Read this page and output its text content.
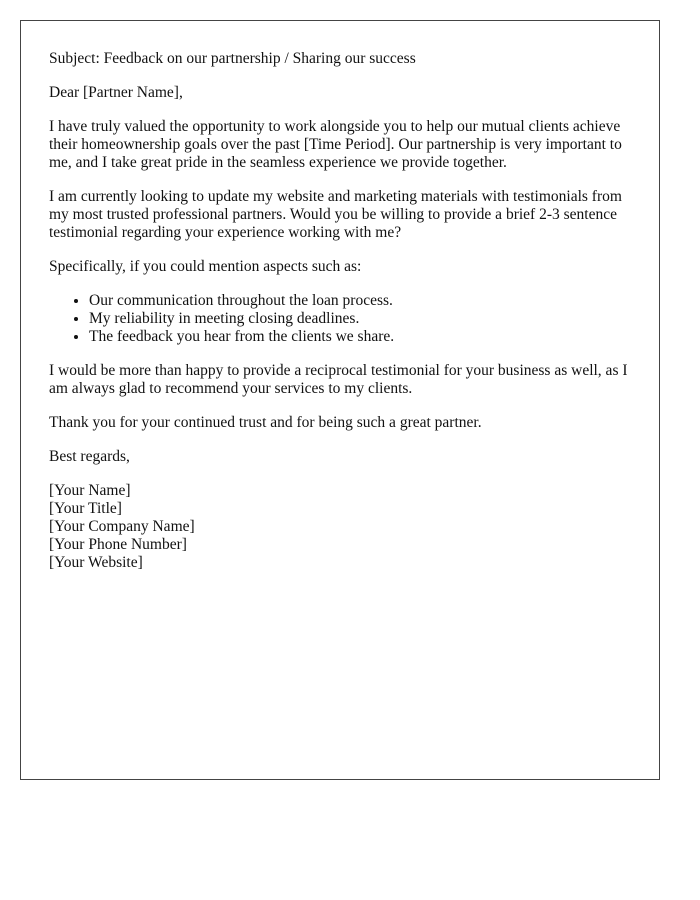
Subject: Feedback on our partnership / Sharing our success

Dear [Partner Name],

I have truly valued the opportunity to work alongside you to help our mutual clients achieve their homeownership goals over the past [Time Period]. Our partnership is very important to me, and I take great pride in the seamless experience we provide together.

I am currently looking to update my website and marketing materials with testimonials from my most trusted professional partners. Would you be willing to provide a brief 2-3 sentence testimonial regarding your experience working with me?

Specifically, if you could mention aspects such as:

• Our communication throughout the loan process.
• My reliability in meeting closing deadlines.
• The feedback you hear from the clients we share.

I would be more than happy to provide a reciprocal testimonial for your business as well, as I am always glad to recommend your services to my clients.

Thank you for your continued trust and for being such a great partner.

Best regards,

[Your Name]
[Your Title]
[Your Company Name]
[Your Phone Number]
[Your Website]
